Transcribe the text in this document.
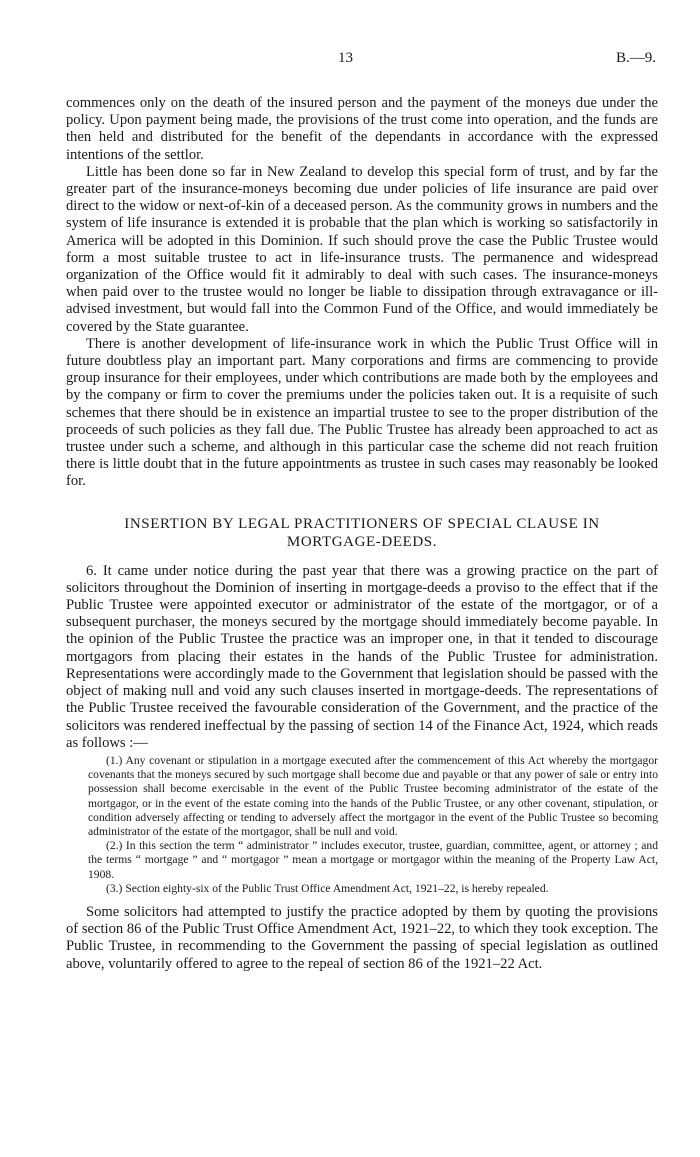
13	B.—9.

commences only on the death of the insured person and the payment of the moneys due under the policy. Upon payment being made, the provisions of the trust come into operation, and the funds are then held and distributed for the benefit of the dependants in accordance with the expressed intentions of the settlor.

Little has been done so far in New Zealand to develop this special form of trust, and by far the greater part of the insurance-moneys becoming due under policies of life insurance are paid over direct to the widow or next-of-kin of a deceased person. As the community grows in numbers and the system of life insurance is extended it is probable that the plan which is working so satisfactorily in America will be adopted in this Dominion. If such should prove the case the Public Trustee would form a most suitable trustee to act in life-insurance trusts. The permanence and widespread organization of the Office would fit it admirably to deal with such cases. The insurance-moneys when paid over to the trustee would no longer be liable to dissipation through extravagance or ill-advised investment, but would fall into the Common Fund of the Office, and would immediately be covered by the State guarantee.

There is another development of life-insurance work in which the Public Trust Office will in future doubtless play an important part. Many corporations and firms are commencing to provide group insurance for their employees, under which contributions are made both by the employees and by the company or firm to cover the premiums under the policies taken out. It is a requisite of such schemes that there should be in existence an impartial trustee to see to the proper distribution of the proceeds of such policies as they fall due. The Public Trustee has already been approached to act as trustee under such a scheme, and although in this particular case the scheme did not reach fruition there is little doubt that in the future appointments as trustee in such cases may reasonably be looked for.

INSERTION BY LEGAL PRACTITIONERS OF SPECIAL CLAUSE IN
MORTGAGE-DEEDS.

6. It came under notice during the past year that there was a growing practice on the part of solicitors throughout the Dominion of inserting in mortgage-deeds a proviso to the effect that if the Public Trustee were appointed executor or administrator of the estate of the mortgagor, or of a subsequent purchaser, the moneys secured by the mortgage should immediately become payable. In the opinion of the Public Trustee the practice was an improper one, in that it tended to discourage mortgagors from placing their estates in the hands of the Public Trustee for administration. Representations were accordingly made to the Government that legislation should be passed with the object of making null and void any such clauses inserted in mortgage-deeds. The representations of the Public Trustee received the favourable consideration of the Government, and the practice of the solicitors was rendered ineffectual by the passing of section 14 of the Finance Act, 1924, which reads as follows :—

(1.) Any covenant or stipulation in a mortgage executed after the commencement of this Act whereby the mortgagor covenants that the moneys secured by such mortgage shall become due and payable or that any power of sale or entry into possession shall become exercisable in the event of the Public Trustee becoming administrator of the estate of the mortgagor, or in the event of the estate coming into the hands of the Public Trustee, or any other covenant, stipulation, or condition adversely affecting or tending to adversely affect the mortgagor in the event of the Public Trustee so becoming administrator of the estate of the mortgagor, shall be null and void.

(2.) In this section the term “ administrator ” includes executor, trustee, guardian, committee, agent, or attorney ; and the terms “ mortgage ” and “ mortgagor ” mean a mortgage or mortgagor within the meaning of the Property Law Act, 1908.

(3.) Section eighty-six of the Public Trust Office Amendment Act, 1921–22, is hereby repealed.

Some solicitors had attempted to justify the practice adopted by them by quoting the provisions of section 86 of the Public Trust Office Amendment Act, 1921–22, to which they took exception. The Public Trustee, in recommending to the Government the passing of special legislation as outlined above, voluntarily offered to agree to the repeal of section 86 of the 1921–22 Act.
